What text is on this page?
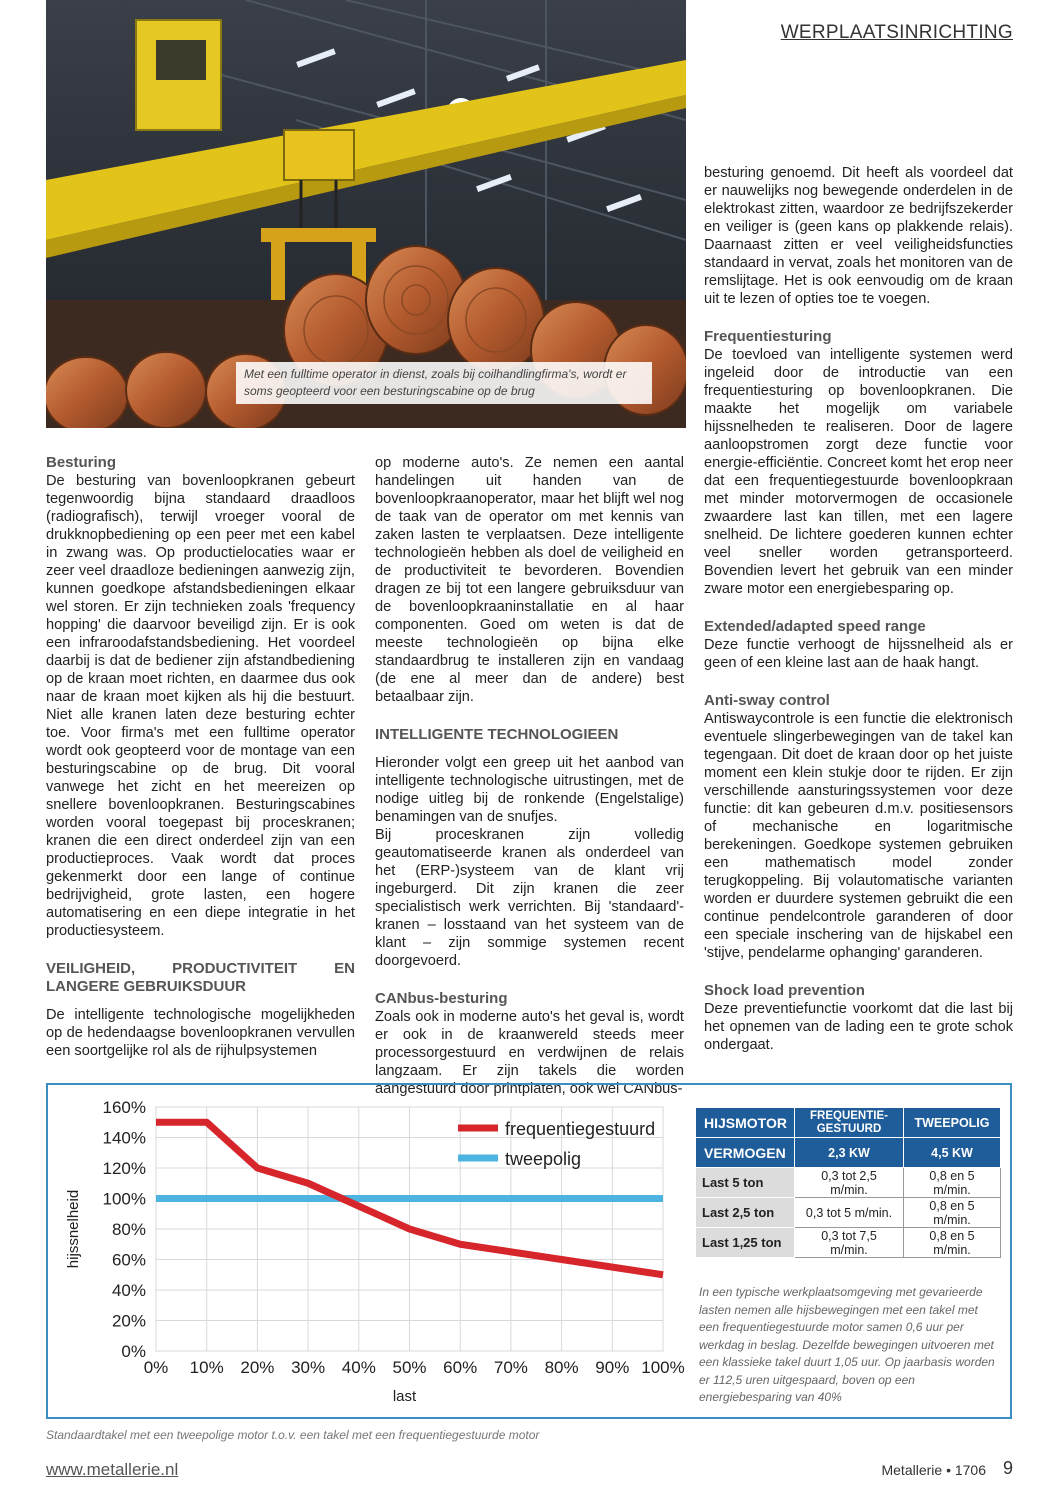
WERPLAATSINRICHTING
Met een fulltime operator in dienst, zoals bij coilhandlingfirma's, wordt er soms geopteerd voor een besturingscabine op de brug

Besturing

De besturing van bovenloopkranen gebeurt tegenwoordig bijna standaard draadloos (radiografisch), terwijl vroeger vooral de drukknopbediening op een peer met een kabel in zwang was. Op productielocaties waar er zeer veel draadloze bedieningen aanwezig zijn, kunnen goedkope afstandsbedieningen elkaar wel storen. Er zijn technieken zoals 'frequency hopping' die daarvoor beveiligd zijn. Er is ook een infraroodafstandsbediening. Het voordeel daarbij is dat de bediener zijn afstandbediening op de kraan moet richten, en daarmee dus ook naar de kraan moet kijken als hij die bestuurt. Niet alle kranen laten deze besturing echter toe. Voor firma's met een fulltime operator wordt ook geopteerd voor de montage van een besturingscabine op de brug. Dit vooral vanwege het zicht en het meereizen op snellere bovenloopkranen. Besturingscabines worden vooral toegepast bij proceskranen; kranen die een direct onderdeel zijn van een productieproces. Vaak wordt dat proces gekenmerkt door een lange of continue bedrijvigheid, grote lasten, een hogere automatisering en een diepe integratie in het productiesysteem.

VEILIGHEID, PRODUCTIVITEIT EN LANGERE GEBRUIKSDUUR

De intelligente technologische mogelijkheden op de hedendaagse bovenloopkranen vervullen een soortgelijke rol als de rijhulpsystemen

op moderne auto's. Ze nemen een aantal handelingen uit handen van de bovenloopkraanoperator, maar het blijft wel nog de taak van de operator om met kennis van zaken lasten te verplaatsen. Deze intelligente technologieën hebben als doel de veiligheid en de productiviteit te bevorderen. Bovendien dragen ze bij tot een langere gebruiksduur van de bovenloopkraaninstallatie en al haar componenten. Goed om weten is dat de meeste technologieën op bijna elke standaardbrug te installeren zijn en vandaag (de ene al meer dan de andere) best betaalbaar zijn.

INTELLIGENTE TECHNOLOGIEEN

Hieronder volgt een greep uit het aanbod van intelligente technologische uitrustingen, met de nodige uitleg bij de ronkende (Engelstalige) benamingen van de snufjes.

Bij proceskranen zijn volledig geautomatiseerde kranen als onderdeel van het (ERP-)systeem van de klant vrij ingeburgerd. Dit zijn kranen die zeer specialistisch werk verrichten. Bij 'standaard'-kranen – losstaand van het systeem van de klant – zijn sommige systemen recent doorgevoerd.

CANbus-besturing

Zoals ook in moderne auto's het geval is, wordt er ook in de kraanwereld steeds meer processorgestuurd en verdwijnen de relais langzaam. Er zijn takels die worden aangestuurd door printplaten, ook wel CANbus-

besturing genoemd. Dit heeft als voordeel dat er nauwelijks nog bewegende onderdelen in de elektrokast zitten, waardoor ze bedrijfszekerder en veiliger is (geen kans op plakkende relais). Daarnaast zitten er veel veiligheidsfuncties standaard in vervat, zoals het monitoren van de remslijtage. Het is ook eenvoudig om de kraan uit te lezen of opties toe te voegen.

Frequentiesturing

De toevloed van intelligente systemen werd ingeleid door de introductie van een frequentiesturing op bovenloopkranen. Die maakte het mogelijk om variabele hijssnelheden te realiseren. Door de lagere aanloopstromen zorgt deze functie voor energie-efficiëntie. Concreet komt het erop neer dat een frequentiegestuurde bovenloopkraan met minder motorvermogen de occasionele zwaardere last kan tillen, met een lagere snelheid. De lichtere goederen kunnen echter veel sneller worden getransporteerd. Bovendien levert het gebruik van een minder zware motor een energiebesparing op.

Extended/adapted speed range

Deze functie verhoogt de hijssnelheid als er geen of een kleine last aan de haak hangt.

Anti-sway control

Antiswaycontrole is een functie die elektronisch eventuele slingerbewegingen van de takel kan tegengaan. Dit doet de kraan door op het juiste moment een klein stukje door te rijden. Er zijn verschillende aansturingssystemen voor deze functie: dit kan gebeuren d.m.v. positiesensors of mechanische en logaritmische berekeningen. Goedkope systemen gebruiken een mathematisch model zonder terugkoppeling. Bij volautomatische varianten worden er duurdere systemen gebruikt die een continue pendelcontrole garanderen of door een speciale inschering van de hijskabel een 'stijve, pendelarme ophanging' garanderen.

Shock load prevention

Deze preventiefunctie voorkomt dat die last bij het opnemen van de lading een te grote schok ondergaat.

0%
20%
40%
60%
80%
100%
120%
140%
160%
0% 10% 20% 30% 40% 50% 60% 70% 80% 90% 100%
last
hijssnelheid
frequentiegestuurd
tweepolig
HIJSMOTOR	FREQUENTIE-GESTUURD	TWEEPOLIG
VERMOGEN	2,3 KW	4,5 KW
Last 5 ton	0,3 tot 2,5 m/min.	0,8 en 5 m/min.
Last 2,5 ton	0,3 tot 5 m/min.	0,8 en 5 m/min.
Last 1,25 ton	0,3 tot 7,5 m/min.	0,8 en 5 m/min.
In een typische werkplaatsomgeving met gevarieerde lasten nemen alle hijsbewegingen met een takel met een frequentiegestuurde motor samen 0,6 uur per werkdag in beslag. Dezelfde bewegingen uitvoeren met een klassieke takel duurt 1,05 uur. Op jaarbasis worden er 112,5 uren uitgespaard, boven op een energiebesparing van 40%
Standaardtakel met een tweepolige motor t.o.v. een takel met een frequentiegestuurde motor
www.metallerie.nl	Metallerie • 1706 9
